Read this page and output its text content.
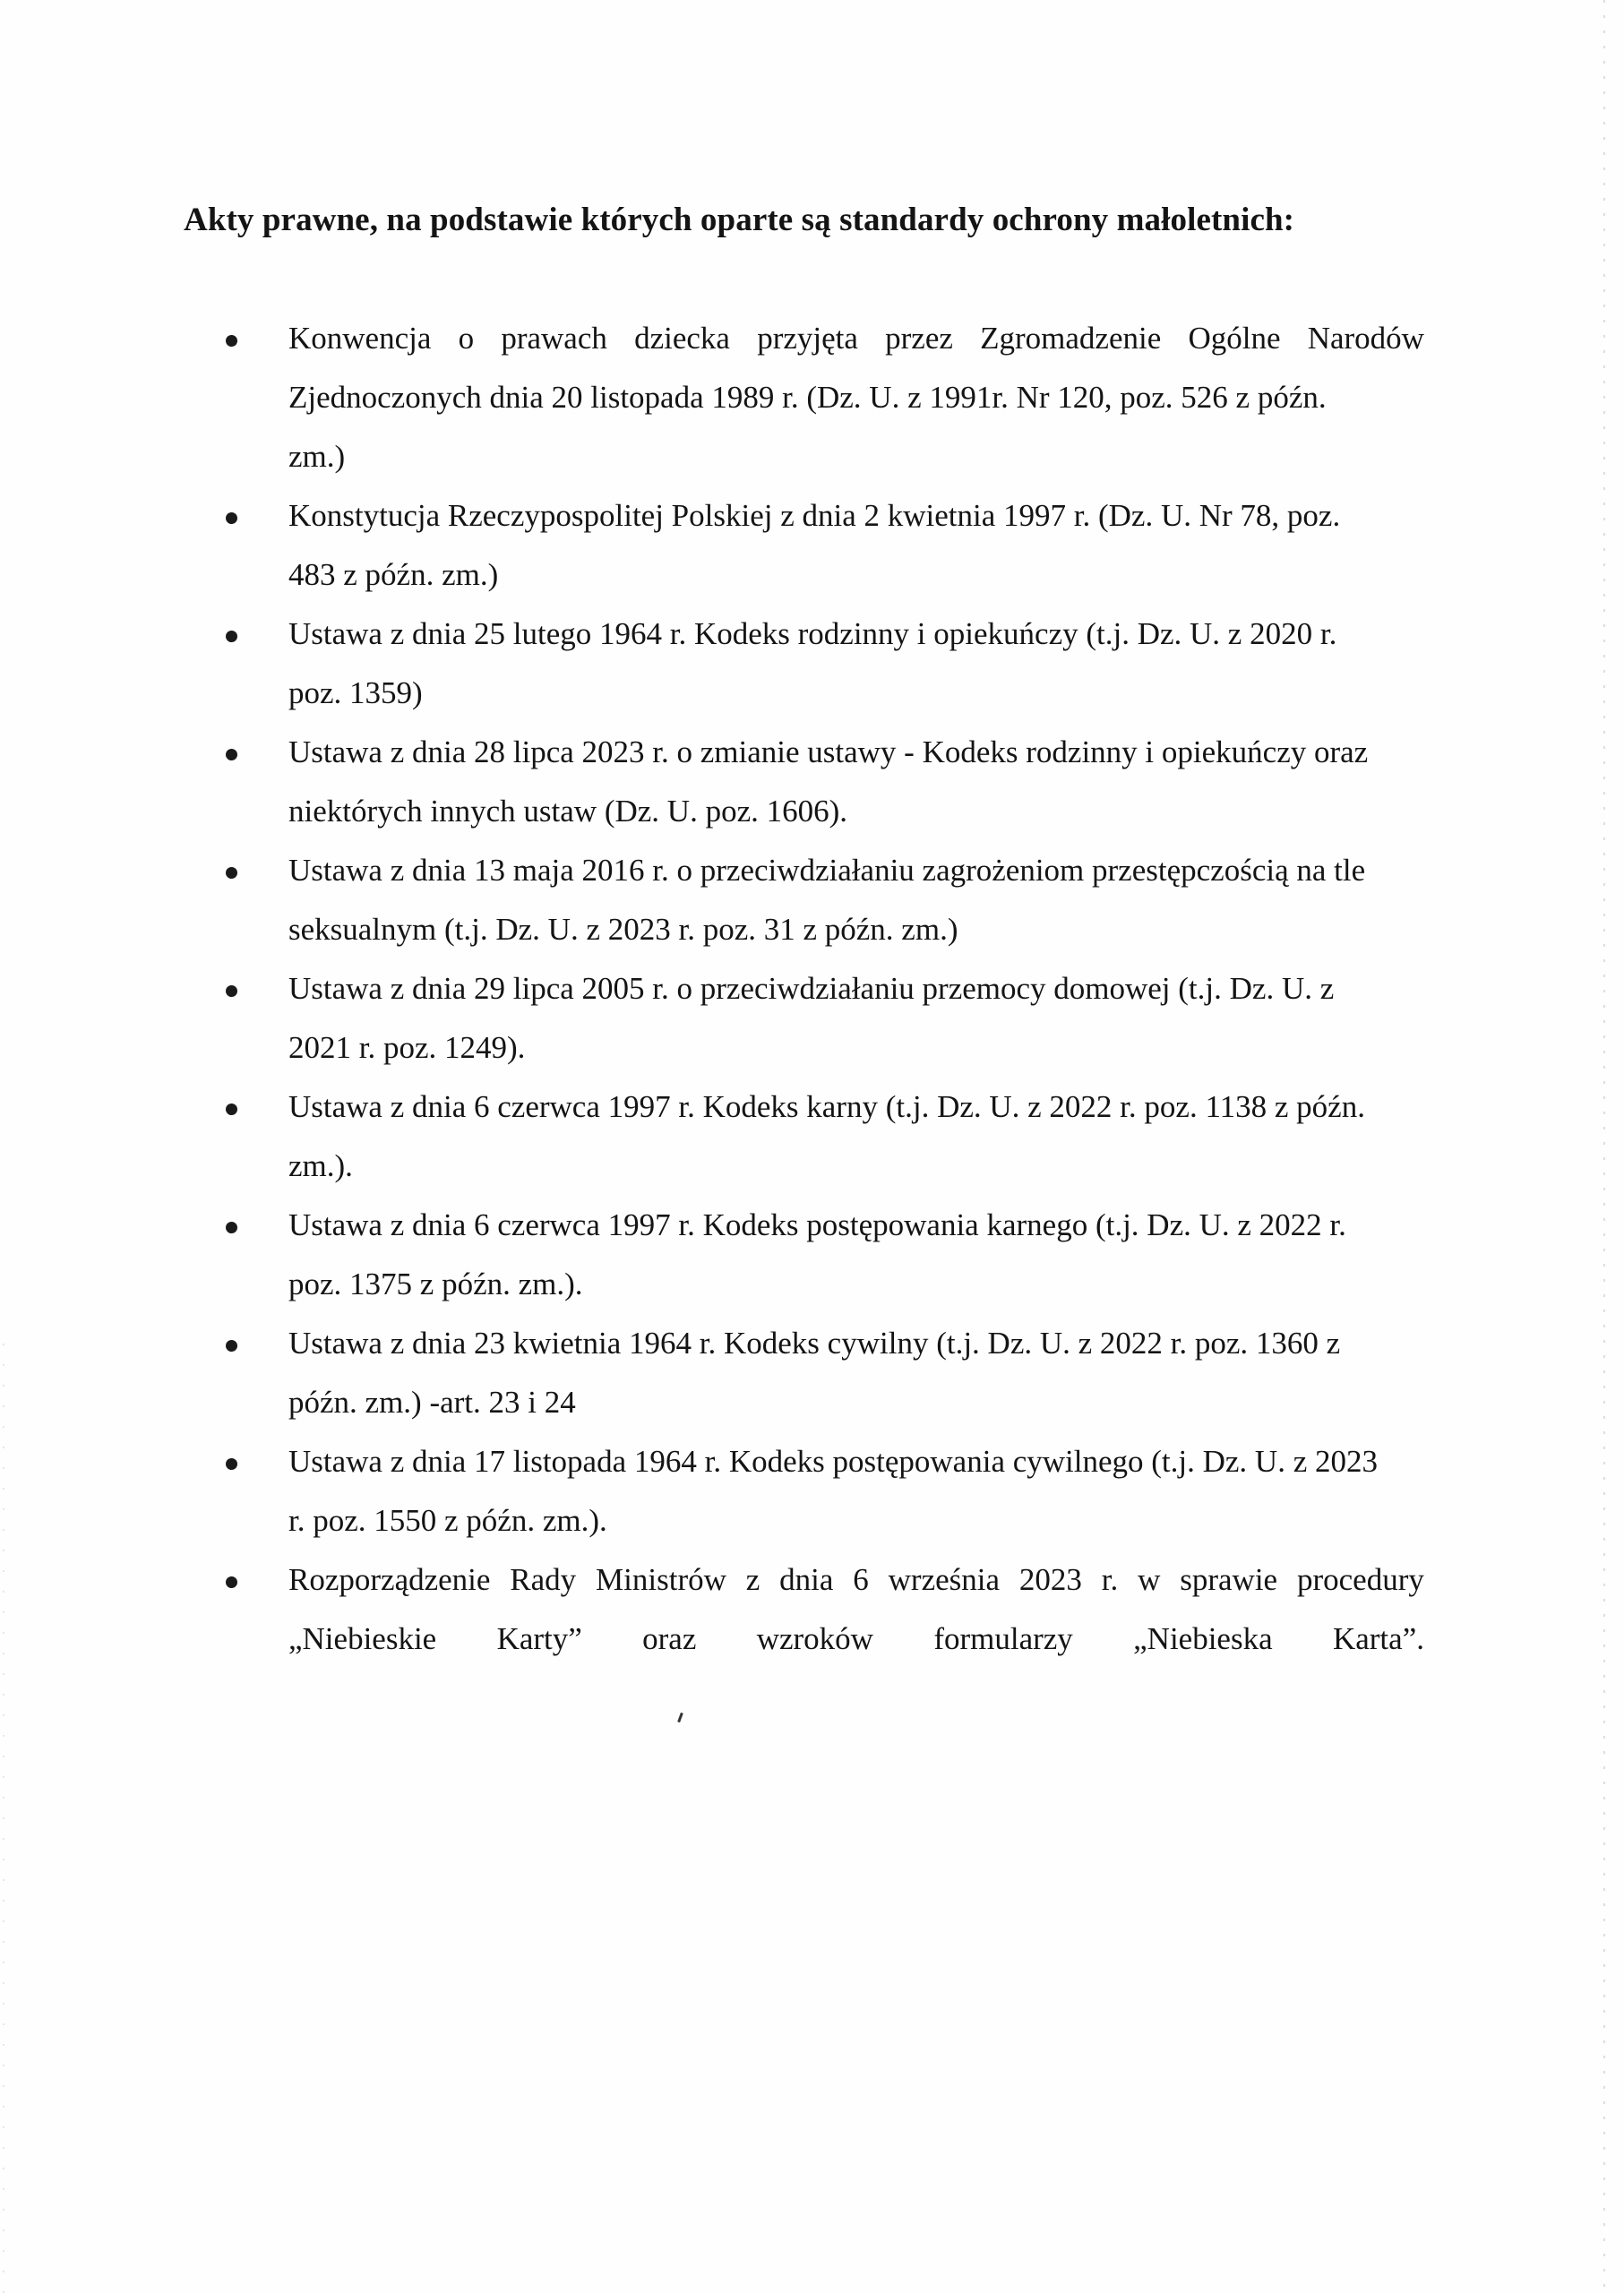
Akty prawne, na podstawie których oparte są standardy ochrony małoletnich:
Konwencja o prawach dziecka przyjęta przez Zgromadzenie Ogólne Narodów
Zjednoczonych dnia 20 listopada 1989 r. (Dz. U. z 1991r. Nr 120, poz. 526 z późn.
zm.)
Konstytucja Rzeczypospolitej Polskiej z dnia 2 kwietnia 1997 r. (Dz. U. Nr 78, poz.
483 z późn. zm.)
Ustawa z dnia 25 lutego 1964 r. Kodeks rodzinny i opiekuńczy (t.j. Dz. U. z 2020 r.
poz. 1359)
Ustawa z dnia 28 lipca 2023 r. o zmianie ustawy - Kodeks rodzinny i opiekuńczy oraz
niektórych innych ustaw (Dz. U. poz. 1606).
Ustawa z dnia 13 maja 2016 r. o przeciwdziałaniu zagrożeniom przestępczością na tle
seksualnym (t.j. Dz. U. z 2023 r. poz. 31 z późn. zm.)
Ustawa z dnia 29 lipca 2005 r. o przeciwdziałaniu przemocy domowej (t.j. Dz. U. z
2021 r. poz. 1249).
Ustawa z dnia 6 czerwca 1997 r. Kodeks karny (t.j. Dz. U. z 2022 r. poz. 1138 z późn.
zm.).
Ustawa z dnia 6 czerwca 1997 r. Kodeks postępowania karnego (t.j. Dz. U. z 2022 r.
poz. 1375 z późn. zm.).
Ustawa z dnia 23 kwietnia 1964 r. Kodeks cywilny (t.j. Dz. U. z 2022 r. poz. 1360 z
późn. zm.) -art. 23 i 24
Ustawa z dnia 17 listopada 1964 r. Kodeks postępowania cywilnego (t.j. Dz. U. z 2023
r. poz. 1550 z późn. zm.).
Rozporządzenie Rady Ministrów z dnia 6 września 2023 r. w sprawie procedury
„Niebieskie Karty” oraz wzroków formularzy „Niebieska Karta”.
